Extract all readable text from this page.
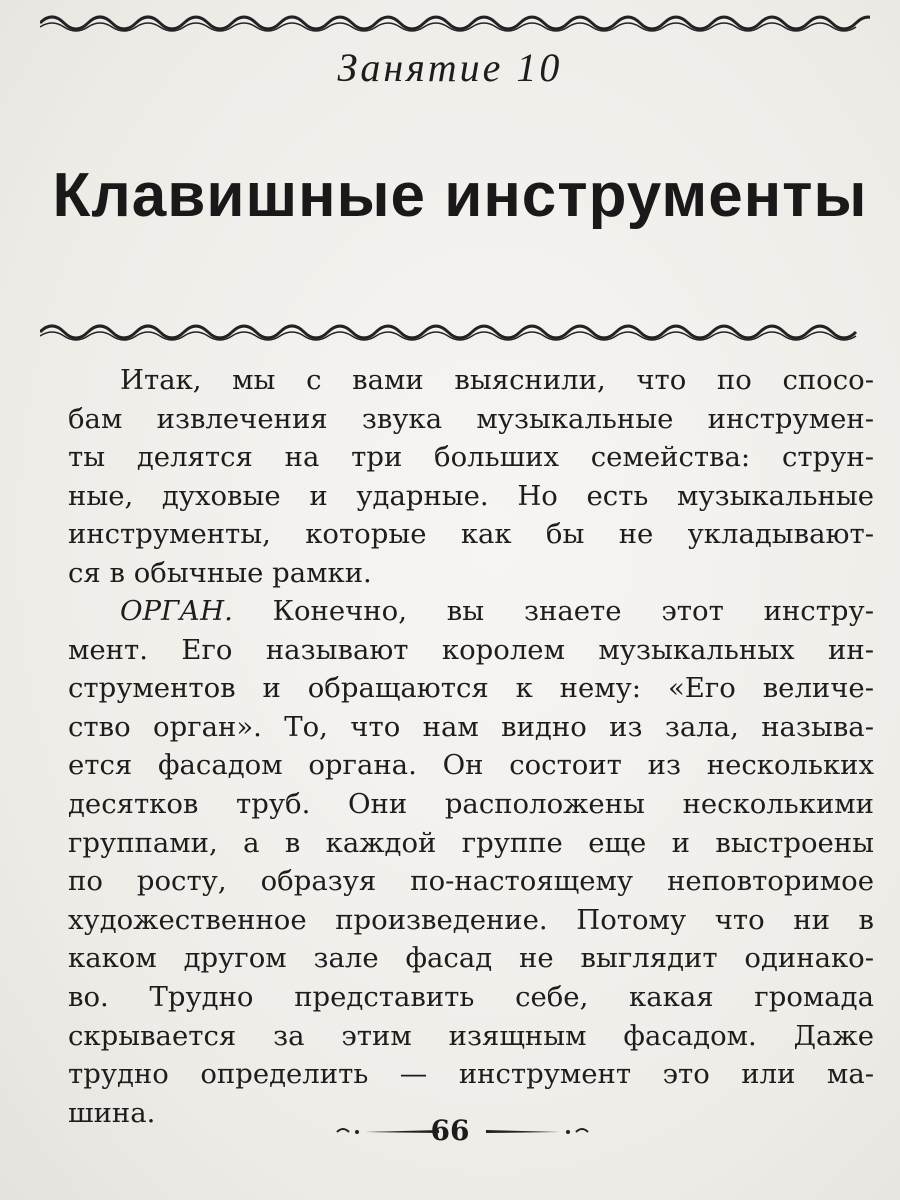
Занятие 10
Клавишные инструменты
Итак, мы с вами выяснили, что по спосо-
бам извлечения звука музыкальные инструмен-
ты делятся на три больших семейства: струн-
ные, духовые и ударные. Но есть музыкальные
инструменты, которые как бы не укладывают-
ся в обычные рамки.
ОРГАН. Конечно, вы знаете этот инстру-
мент. Его называют королем музыкальных ин-
струментов и обращаются к нему: «Его величе-
ство орган». То, что нам видно из зала, называ-
ется фасадом органа. Он состоит из нескольких
десятков труб. Они расположены несколькими
группами, а в каждой группе еще и выстроены
по росту, образуя по-настоящему неповторимое
художественное произведение. Потому что ни в
каком другом зале фасад не выглядит одинако-
во. Трудно представить себе, какая громада
скрывается за этим изящным фасадом. Даже
трудно определить — инструмент это или ма-
шина.
66
